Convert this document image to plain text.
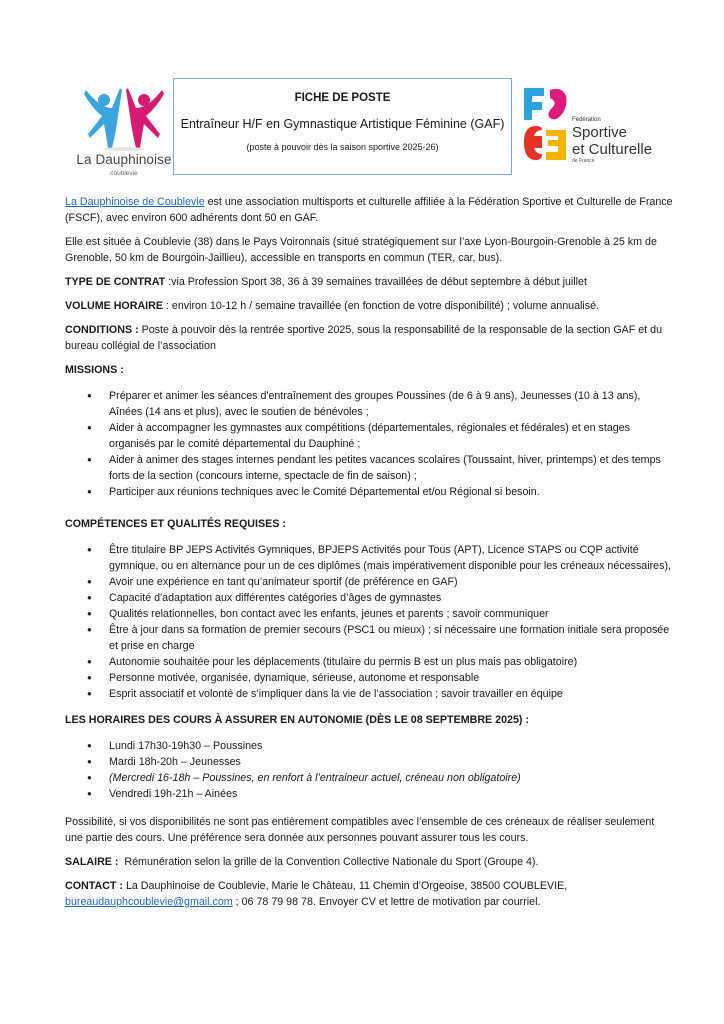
La Dauphinoise
coublevie
FICHE DE POSTE
Entraîneur H/F en Gymnastique Artistique Féminine (GAF)
(poste à pouvoir dès la saison sportive 2025-26)
Fédération
Sportive
et Culturelle
de France

La Dauphinoise de Coublevie est une association multisports et culturelle affiliée à la Fédération Sportive et Culturelle de France (FSCF), avec environ 600 adhérents dont 50 en GAF.

Elle est située à Coublevie (38) dans le Pays Voironnais (situé stratégiquement sur l’axe Lyon-Bourgoin-Grenoble à 25 km de Grenoble, 50 km de Bourgoin-Jaillieu), accessible en transports en commun (TER, car, bus).

TYPE DE CONTRAT :via Profession Sport 38, 36 à 39 semaines travaillées de début septembre à début juillet

VOLUME HORAIRE : environ 10-12 h / semaine travaillée (en fonction de votre disponibilité) ; volume annualisé.

CONDITIONS : Poste à pouvoir dès la rentrée sportive 2025, sous la responsabilité de la responsable de la section GAF et du bureau collégial de l’association

MISSIONS :
● Préparer et animer les séances d'entraînement des groupes Poussines (de 6 à 9 ans), Jeunesses (10 à 13 ans), Aînées (14 ans et plus), avec le soutien de bénévoles ;
● Aider à accompagner les gymnastes aux compétitions (départementales, régionales et fédérales) et en stages organisés par le comité départemental du Dauphiné ;
● Aider à animer des stages internes pendant les petites vacances scolaires (Toussaint, hiver, printemps) et des temps forts de la section (concours interne, spectacle de fin de saison) ;
● Participer aux réunions techniques avec le Comité Départemental et/ou Régional si besoin.
COMPÉTENCES ET QUALITÉS REQUISES :
● Être titulaire BP JEPS Activités Gymniques, BPJEPS Activités pour Tous (APT), Licence STAPS ou CQP activité gymnique, ou en alternance pour un de ces diplômes (mais impérativement disponible pour les créneaux nécessaires),
● Avoir une expérience en tant qu’animateur sportif (de préférence en GAF)
● Capacité d'adaptation aux différentes catégories d’âges de gymnastes
● Qualités relationnelles, bon contact avec les enfants, jeunes et parents ; savoir communiquer
● Être à jour dans sa formation de premier secours (PSC1 ou mieux) ; si nécessaire une formation initiale sera proposée et prise en charge
● Autonomie souhaitée pour les déplacements (titulaire du permis B est un plus mais pas obligatoire)
● Personne motivée, organisée, dynamique, sérieuse, autonome et responsable
● Esprit associatif et volonté de s’impliquer dans la vie de l’association ; savoir travailler en équipe
LES HORAIRES DES COURS À ASSURER EN AUTONOMIE (DÈS LE 08 SEPTEMBRE 2025) :
● Lundi 17h30-19h30 – Poussines
● Mardi 18h-20h – Jeunesses
● (Mercredi 16-18h – Poussines, en renfort à l’entraineur actuel, créneau non obligatoire)
● Vendredi 19h-21h – Ainées

Possibilité, si vos disponibilités ne sont pas entièrement compatibles avec l’ensemble de ces créneaux de réaliser seulement une partie des cours. Une préférence sera donnée aux personnes pouvant assurer tous les cours.

SALAIRE :  Rémunération selon la grille de la Convention Collective Nationale du Sport (Groupe 4).

CONTACT : La Dauphinoise de Coublevie, Marie le Château, 11 Chemin d’Orgeoise, 38500 COUBLEVIE,
bureaudauphcoublevie@gmail.com ; 06 78 79 98 78. Envoyer CV et lettre de motivation par courriel.
